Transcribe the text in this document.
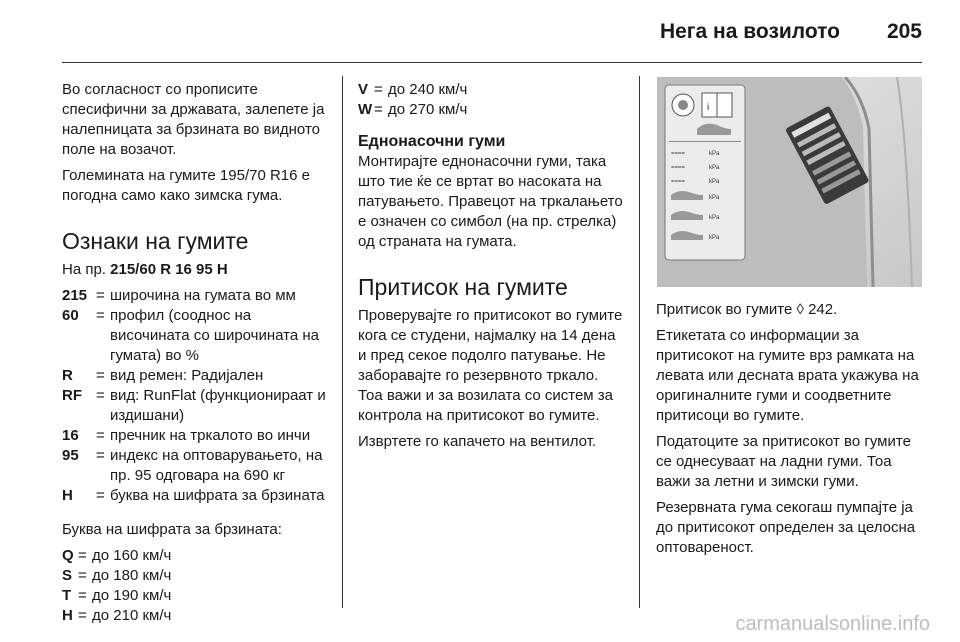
Нега на возилото	205

Во согласност со прописите спесифични за државата, залепете ја налепницата за брзината во видното поле на возачот.

Големината на гумите 195/70 R16 е погодна само како зимска гума.

Ознаки на гумите

На пр. 215/60 R 16 95 H

215 = широчина на гумата во мм
60	= профил (сооднос на височината со широчината на гумата) во %
R	= вид ремен: Радијален
RF = вид: RunFlat (функционираат и издишани)
16	= пречник на тркалото во инчи
95	= индекс на оптоварувањето, на пр. 95 одговара на 690 кг
H	= буква на шифрата за брзината

Буква на шифрата за брзината:

Q = до 160 км/ч
S = до 180 км/ч
T = до 190 км/ч
H = до 210 км/ч
V = до 240 км/ч
W = до 270 км/ч
Еднонасочни гуми

Монтирајте еднонасочни гуми, така што тие ќе се вртат во насоката на патувањето. Правецот на тркалањето е означен со симбол (на пр. стрелка) од страната на гумата.

Притисок на гумите

Проверувајте го притисокот во гумите кога се студени, најмалку на 14 дена и пред секое подолго патување. Не заборавајте го резервното тркало. Тоа важи и за возилата со систем за контрола на притисокот во гумите.

Извртете го капачето на вентилот.

i
====	kPa
====	kPa
====	kPa
kPa
kPa
kPa

Притисок во гумите ◊ 242.

Етикетата со информации за притисокот на гумите врз рамката на левата или десната врата укажува на оригиналните гуми и соодветните притисоци во гумите.

Податоците за притисокот во гумите се однесуваат на ладни гуми. Тоа важи за летни и зимски гуми.

Резервната гума секогаш пумпајте ја до притисокот определен за целосна оптовареност.

carmanualsonline.info
